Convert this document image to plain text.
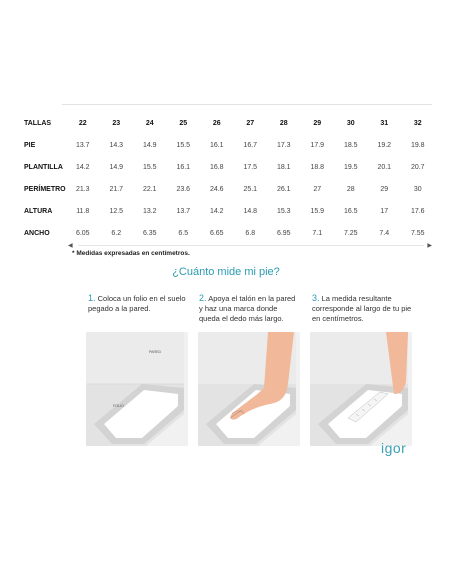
TALLAS	22	23	24	25	26	27	28	29	30	31	32
PIE	13.7	14.3	14.9	15.5	16.1	16.7	17.3	17.9	18.5	19.2	19.8
PLANTILLA	14.2	14.9	15.5	16.1	16.8	17.5	18.1	18.8	19.5	20.1	20.7
PERÍMETRO	21.3	21.7	22.1	23.6	24.6	25.1	26.1	27	28	29	30
ALTURA	11.8	12.5	13.2	13.7	14.2	14.8	15.3	15.9	16.5	17	17.6
ANCHO	6.05	6.2	6.35	6.5	6.65	6.8	6.95	7.1	7.25	7.4	7.55
◀	▶
* Medidas expresadas en centímetros.
¿Cuánto mide mi pie?
1. Coloca un folio en el suelo pegado a la pared.
2. Apoya el talón en la pared y haz una marca donde queda el dedo más largo.
3. La medida resultante corresponde al largo de tu pie en centímetros.
PARED
FOLIO
igor
